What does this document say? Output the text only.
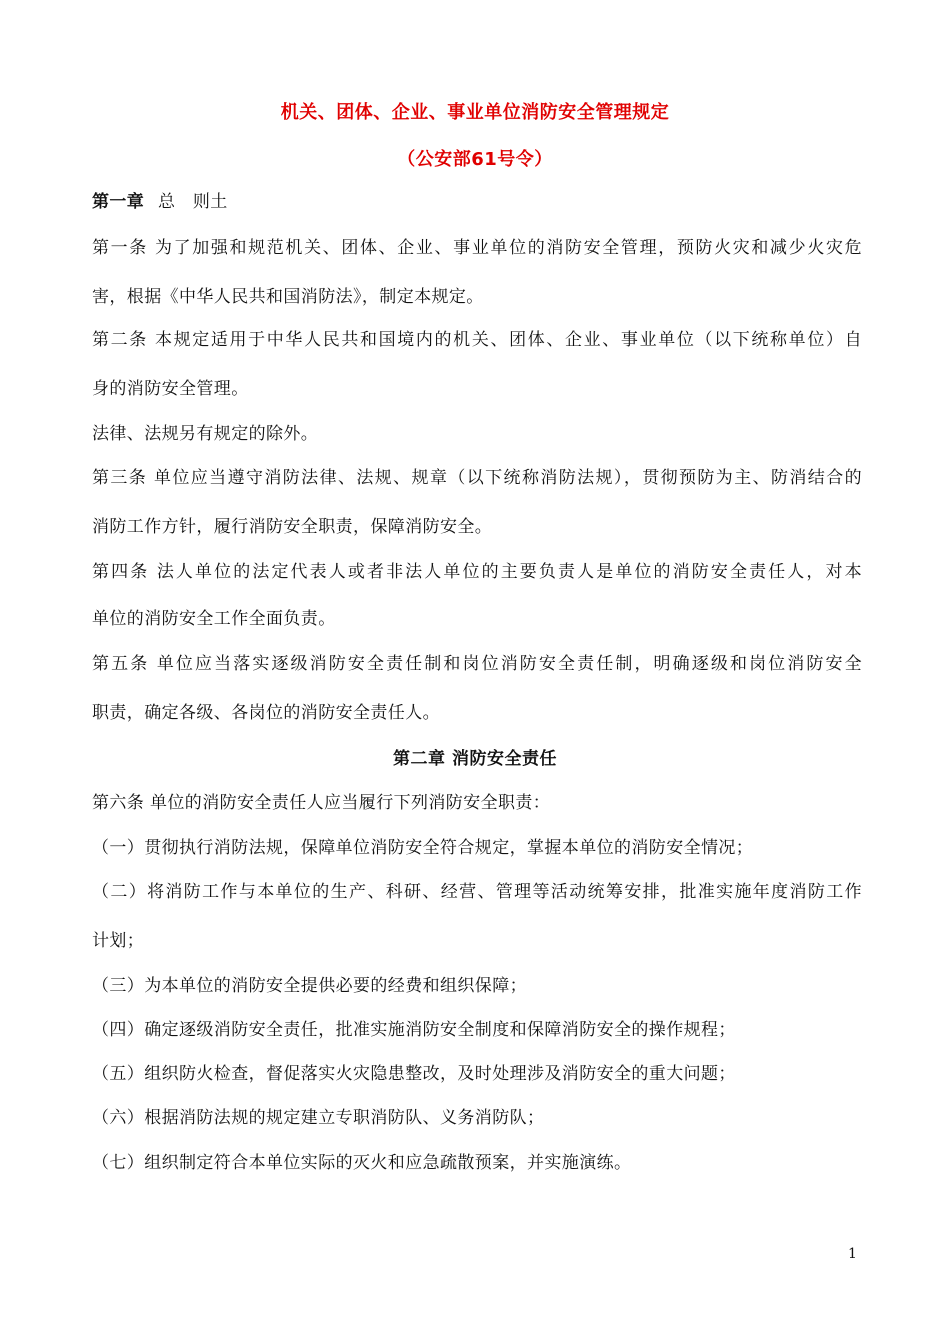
机关、团体、企业、事业单位消防安全管理规定
（公安部61号令）
第一章 总　则土
第一条 为了加强和规范机关、团体、企业、事业单位的消防安全管理，预防火灾和减少火灾危
害，根据《中华人民共和国消防法》，制定本规定。
第二条 本规定适用于中华人民共和国境内的机关、团体、企业、事业单位（以下统称单位）自
身的消防安全管理。
法律、法规另有规定的除外。
第三条 单位应当遵守消防法律、法规、规章（以下统称消防法规），贯彻预防为主、防消结合的
消防工作方针，履行消防安全职责，保障消防安全。
第四条 法人单位的法定代表人或者非法人单位的主要负责人是单位的消防安全责任人，对本
单位的消防安全工作全面负责。
第五条 单位应当落实逐级消防安全责任制和岗位消防安全责任制，明确逐级和岗位消防安全
职责，确定各级、各岗位的消防安全责任人。
第二章 消防安全责任
第六条 单位的消防安全责任人应当履行下列消防安全职责：
（一）贯彻执行消防法规，保障单位消防安全符合规定，掌握本单位的消防安全情况；
（二）将消防工作与本单位的生产、科研、经营、管理等活动统筹安排，批准实施年度消防工作
计划；
（三）为本单位的消防安全提供必要的经费和组织保障；
（四）确定逐级消防安全责任，批准实施消防安全制度和保障消防安全的操作规程；
（五）组织防火检查，督促落实火灾隐患整改，及时处理涉及消防安全的重大问题；
（六）根据消防法规的规定建立专职消防队、义务消防队；
（七）组织制定符合本单位实际的灭火和应急疏散预案，并实施演练。
1
